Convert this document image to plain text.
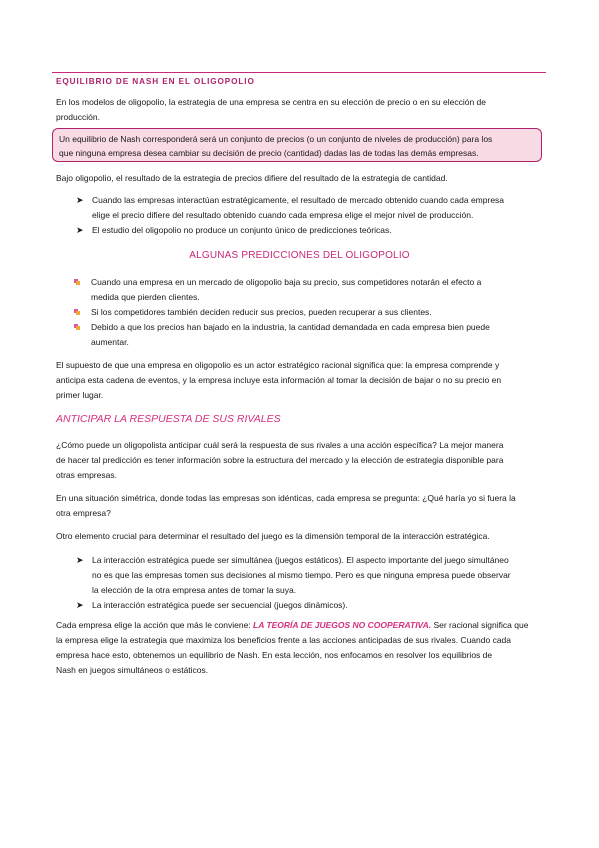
EQUILIBRIO DE NASH EN EL OLIGOPOLIO
En los modelos de oligopolio, la estrategia de una empresa se centra en su elección de precio o en su elección de
producción.
Un equilibrio de Nash corresponderá será un conjunto de precios (o un conjunto de niveles de producción) para los
que ninguna empresa desea cambiar su decisión de precio (cantidad) dadas las de todas las demás empresas.
Bajo oligopolio, el resultado de la estrategia de precios difiere del resultado de la estrategia de cantidad.
➤ Cuando las empresas interactúan estratégicamente, el resultado de mercado obtenido cuando cada empresa
elige el precio difiere del resultado obtenido cuando cada empresa elige el mejor nivel de producción.
➤ El estudio del oligopolio no produce un conjunto único de predicciones teóricas.
ALGUNAS PREDICCIONES DEL OLIGOPOLIO
Cuando una empresa en un mercado de oligopolio baja su precio, sus competidores notarán el efecto a
medida que pierden clientes.
Si los competidores también deciden reducir sus precios, pueden recuperar a sus clientes.
Debido a que los precios han bajado en la industria, la cantidad demandada en cada empresa bien puede
aumentar.
El supuesto de que una empresa en oligopolio es un actor estratégico racional significa que: la empresa comprende y
anticipa esta cadena de eventos, y la empresa incluye esta información al tomar la decisión de bajar o no su precio en
primer lugar.
ANTICIPAR LA RESPUESTA DE SUS RIVALES
¿Cómo puede un oligopolista anticipar cuál será la respuesta de sus rivales a una acción específica? La mejor manera
de hacer tal predicción es tener información sobre la estructura del mercado y la elección de estrategia disponible para
otras empresas.
En una situación simétrica, donde todas las empresas son idénticas, cada empresa se pregunta: ¿Qué haría yo si fuera la
otra empresa?
Otro elemento crucial para determinar el resultado del juego es la dimensión temporal de la interacción estratégica.
➤ La interacción estratégica puede ser simultánea (juegos estáticos). El aspecto importante del juego simultáneo
no es que las empresas tomen sus decisiones al mismo tiempo. Pero es que ninguna empresa puede observar
la elección de la otra empresa antes de tomar la suya.
➤ La interacción estratégica puede ser secuencial (juegos dinámicos).
Cada empresa elige la acción que más le conviene: LA TEORÍA DE JUEGOS NO COOPERATIVA. Ser racional significa que
la empresa elige la estrategia que maximiza los beneficios frente a las acciones anticipadas de sus rivales. Cuando cada
empresa hace esto, obtenemos un equilibrio de Nash. En esta lección, nos enfocamos en resolver los equilibrios de
Nash en juegos simultáneos o estáticos.
